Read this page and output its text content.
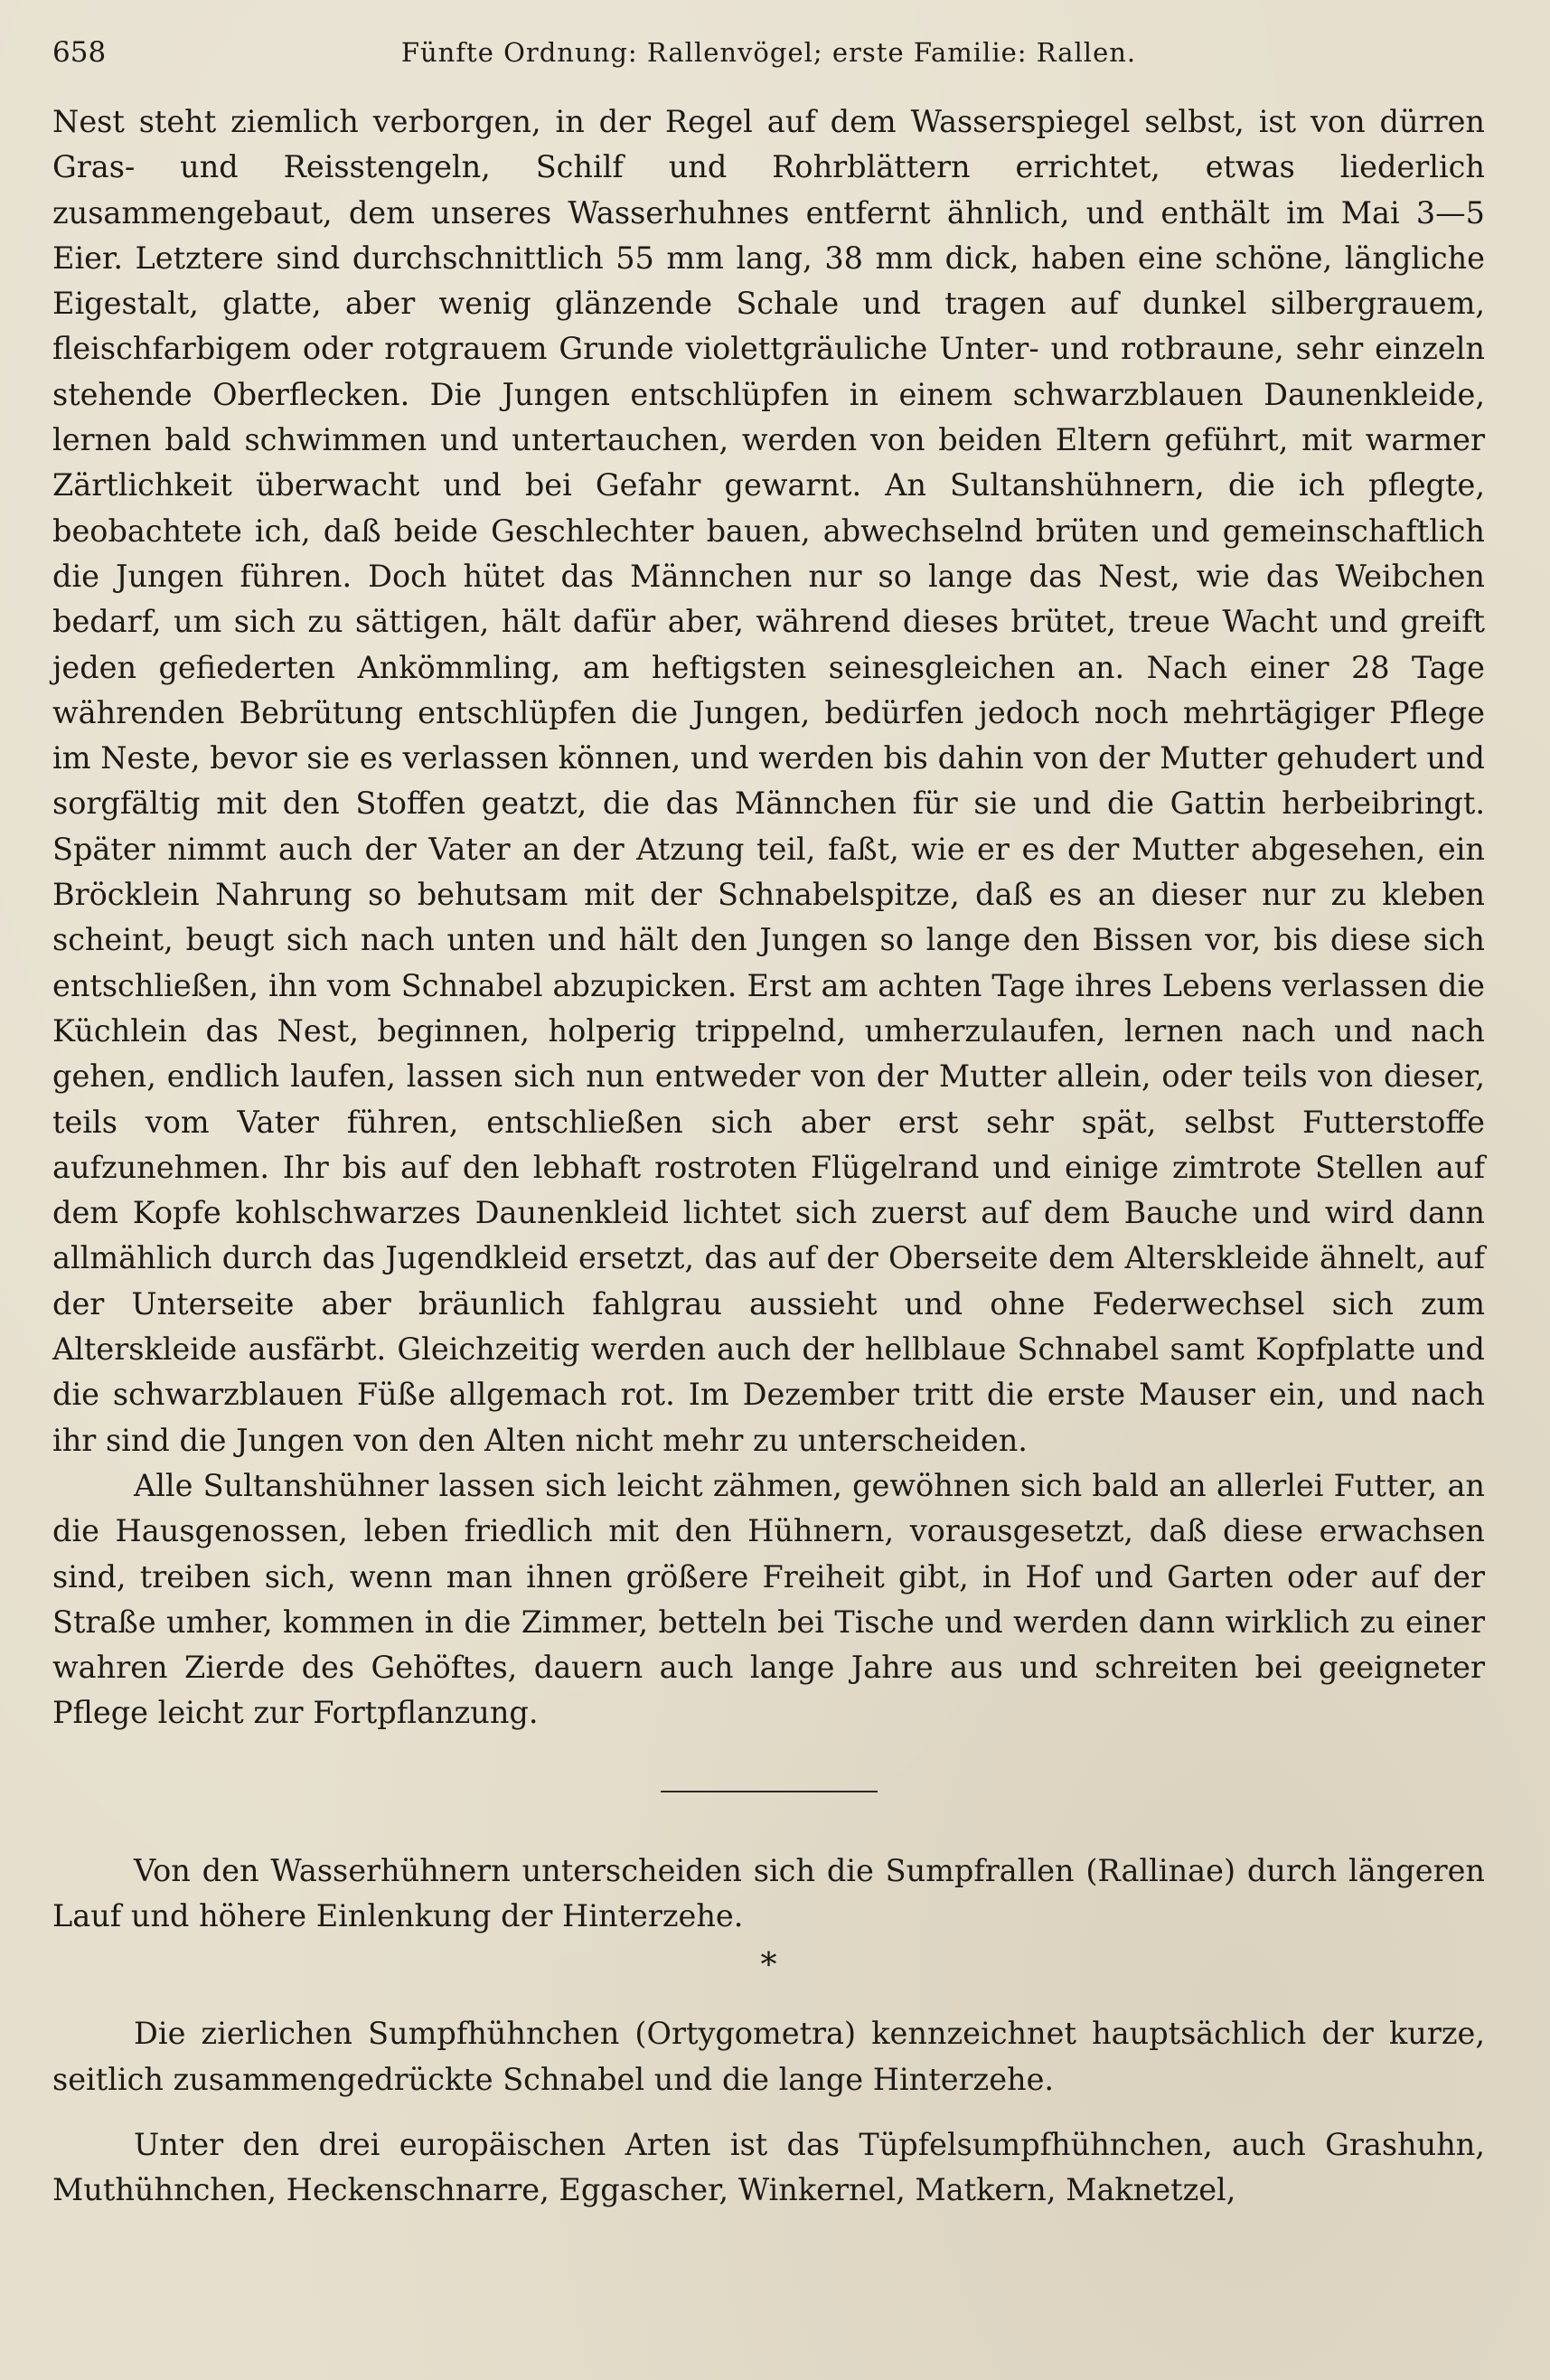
658	Fünfte Ordnung: Rallenvögel; erste Familie: Rallen.

Nest steht ziemlich verborgen, in der Regel auf dem Wasserspiegel selbst, ist von dürren Gras- und Reisstengeln, Schilf und Rohrblättern errichtet, etwas liederlich zusammengebaut, dem unseres Wasserhuhnes entfernt ähnlich, und enthält im Mai 3—5 Eier. Letztere sind durchschnittlich 55 mm lang, 38 mm dick, haben eine schöne, längliche Eigestalt, glatte, aber wenig glänzende Schale und tragen auf dunkel silbergrauem, fleischfarbigem oder rotgrauem Grunde violettgräuliche Unter- und rotbraune, sehr einzeln stehende Oberflecken. Die Jungen entschlüpfen in einem schwarzblauen Daunenkleide, lernen bald schwimmen und untertauchen, werden von beiden Eltern geführt, mit warmer Zärtlichkeit überwacht und bei Gefahr gewarnt. An Sultanshühnern, die ich pflegte, beobachtete ich, daß beide Geschlechter bauen, abwechselnd brüten und gemeinschaftlich die Jungen führen. Doch hütet das Männchen nur so lange das Nest, wie das Weibchen bedarf, um sich zu sättigen, hält dafür aber, während dieses brütet, treue Wacht und greift jeden gefiederten Ankömmling, am heftigsten seinesgleichen an. Nach einer 28 Tage währenden Bebrütung entschlüpfen die Jungen, bedürfen jedoch noch mehrtägiger Pflege im Neste, bevor sie es verlassen können, und werden bis dahin von der Mutter gehudert und sorgfältig mit den Stoffen geatzt, die das Männchen für sie und die Gattin herbeibringt. Später nimmt auch der Vater an der Atzung teil, faßt, wie er es der Mutter abgesehen, ein Bröcklein Nahrung so behutsam mit der Schnabelspitze, daß es an dieser nur zu kleben scheint, beugt sich nach unten und hält den Jungen so lange den Bissen vor, bis diese sich entschließen, ihn vom Schnabel abzupicken. Erst am achten Tage ihres Lebens verlassen die Küchlein das Nest, beginnen, holperig trippelnd, umherzulaufen, lernen nach und nach gehen, endlich laufen, lassen sich nun entweder von der Mutter allein, oder teils von dieser, teils vom Vater führen, entschließen sich aber erst sehr spät, selbst Futterstoffe aufzunehmen. Ihr bis auf den lebhaft rostroten Flügelrand und einige zimtrote Stellen auf dem Kopfe kohlschwarzes Daunenkleid lichtet sich zuerst auf dem Bauche und wird dann allmählich durch das Jugendkleid ersetzt, das auf der Oberseite dem Alterskleide ähnelt, auf der Unterseite aber bräunlich fahlgrau aussieht und ohne Federwechsel sich zum Alterskleide ausfärbt. Gleichzeitig werden auch der hellblaue Schnabel samt Kopfplatte und die schwarzblauen Füße allgemach rot. Im Dezember tritt die erste Mauser ein, und nach ihr sind die Jungen von den Alten nicht mehr zu unterscheiden.

Alle Sultanshühner lassen sich leicht zähmen, gewöhnen sich bald an allerlei Futter, an die Hausgenossen, leben friedlich mit den Hühnern, vorausgesetzt, daß diese erwachsen sind, treiben sich, wenn man ihnen größere Freiheit gibt, in Hof und Garten oder auf der Straße umher, kommen in die Zimmer, betteln bei Tische und werden dann wirklich zu einer wahren Zierde des Gehöftes, dauern auch lange Jahre aus und schreiten bei geeigneter Pflege leicht zur Fortpflanzung.

Von den Wasserhühnern unterscheiden sich die Sumpfrallen (Rallinae) durch längeren Lauf und höhere Einlenkung der Hinterzehe.

*

Die zierlichen Sumpfhühnchen (Ortygometra) kennzeichnet hauptsächlich der kurze, seitlich zusammengedrückte Schnabel und die lange Hinterzehe.

Unter den drei europäischen Arten ist das Tüpfelsumpfhühnchen, auch Grashuhn, Muthühnchen, Heckenschnarre, Eggascher, Winkernel, Matkern, Maknetzel,
